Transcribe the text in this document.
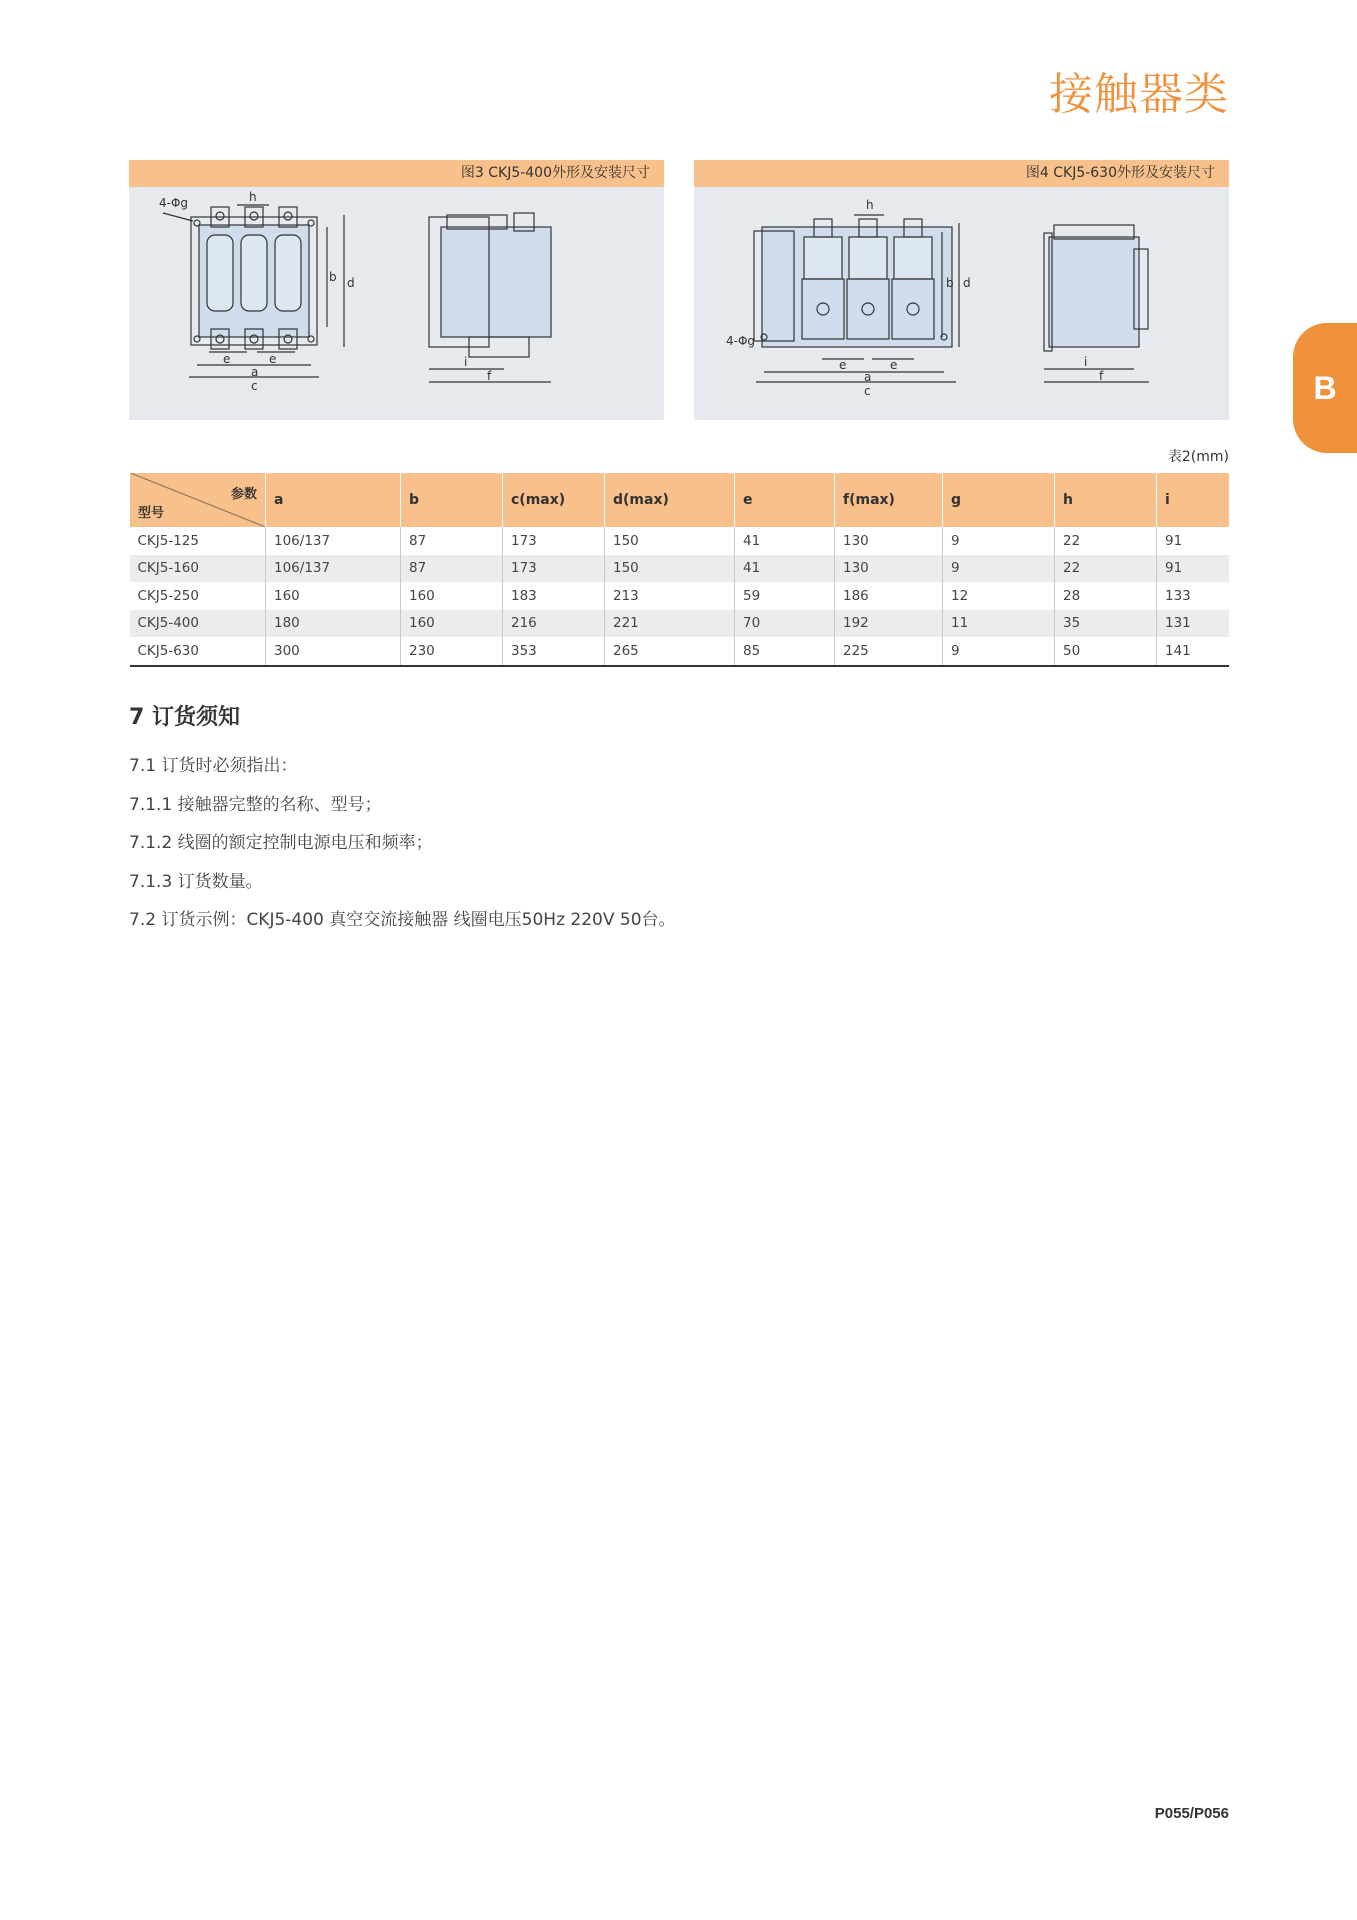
接触器类
B
图3 CKJ5-400外形及安装尺寸
4-Φg	h
b d
e	e
a
c
i
f
图4 CKJ5-630外形及安装尺寸
4-Φg
h
b d
e	e
a
c
i
f
表2(mm)
参数
型号	a	b	c(max)	d(max)	e	f(max)	g	h	i
CKJ5-125	106/137	87	173	150	41	130	9	22	91
CKJ5-160	106/137	87	173	150	41	130	9	22	91
CKJ5-250	160	160	183	213	59	186	12	28	133
CKJ5-400	180	160	216	221	70	192	11	35	131
CKJ5-630	300	230	353	265	85	225	9	50	141
7 订货须知

7.1 订货时必须指出：

7.1.1 接触器完整的名称、型号；

7.1.2 线圈的额定控制电源电压和频率；

7.1.3 订货数量。

7.2 订货示例：CKJ5-400 真空交流接触器 线圈电压50Hz 220V 50台。

P055/P056
